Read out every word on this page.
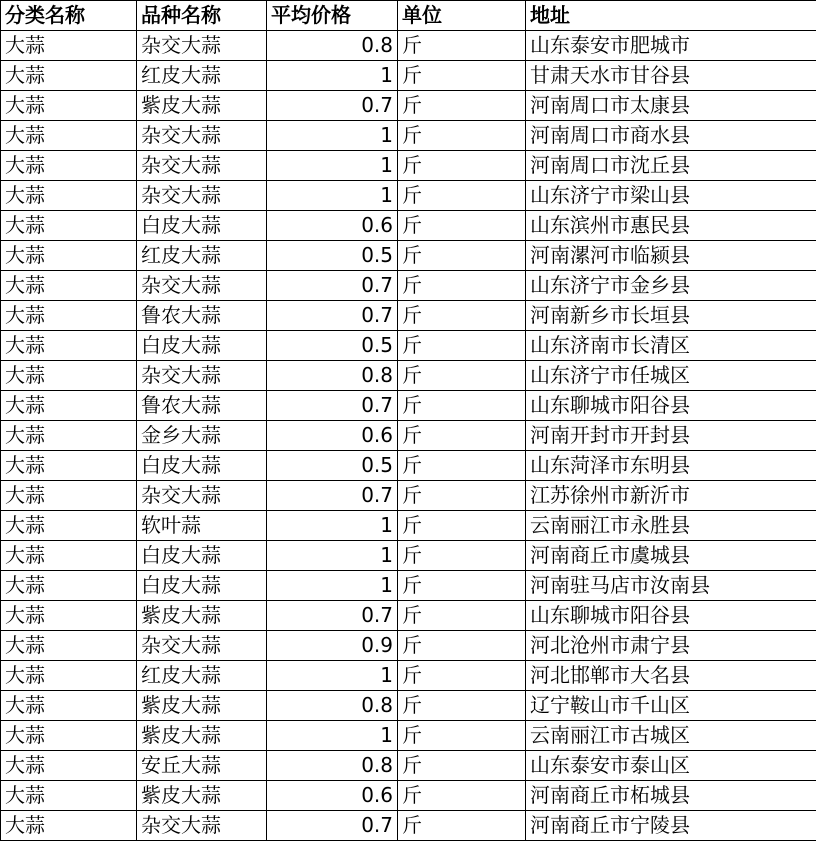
分类名称	品种名称	平均价格	单位	地址
大蒜	杂交大蒜	0.8	斤	山东泰安市肥城市
大蒜	红皮大蒜	1	斤	甘肃天水市甘谷县
大蒜	紫皮大蒜	0.7	斤	河南周口市太康县
大蒜	杂交大蒜	1	斤	河南周口市商水县
大蒜	杂交大蒜	1	斤	河南周口市沈丘县
大蒜	杂交大蒜	1	斤	山东济宁市梁山县
大蒜	白皮大蒜	0.6	斤	山东滨州市惠民县
大蒜	红皮大蒜	0.5	斤	河南漯河市临颍县
大蒜	杂交大蒜	0.7	斤	山东济宁市金乡县
大蒜	鲁农大蒜	0.7	斤	河南新乡市长垣县
大蒜	白皮大蒜	0.5	斤	山东济南市长清区
大蒜	杂交大蒜	0.8	斤	山东济宁市任城区
大蒜	鲁农大蒜	0.7	斤	山东聊城市阳谷县
大蒜	金乡大蒜	0.6	斤	河南开封市开封县
大蒜	白皮大蒜	0.5	斤	山东菏泽市东明县
大蒜	杂交大蒜	0.7	斤	江苏徐州市新沂市
大蒜	软叶蒜	1	斤	云南丽江市永胜县
大蒜	白皮大蒜	1	斤	河南商丘市虞城县
大蒜	白皮大蒜	1	斤	河南驻马店市汝南县
大蒜	紫皮大蒜	0.7	斤	山东聊城市阳谷县
大蒜	杂交大蒜	0.9	斤	河北沧州市肃宁县
大蒜	红皮大蒜	1	斤	河北邯郸市大名县
大蒜	紫皮大蒜	0.8	斤	辽宁鞍山市千山区
大蒜	紫皮大蒜	1	斤	云南丽江市古城区
大蒜	安丘大蒜	0.8	斤	山东泰安市泰山区
大蒜	紫皮大蒜	0.6	斤	河南商丘市柘城县
大蒜	杂交大蒜	0.7	斤	河南商丘市宁陵县
